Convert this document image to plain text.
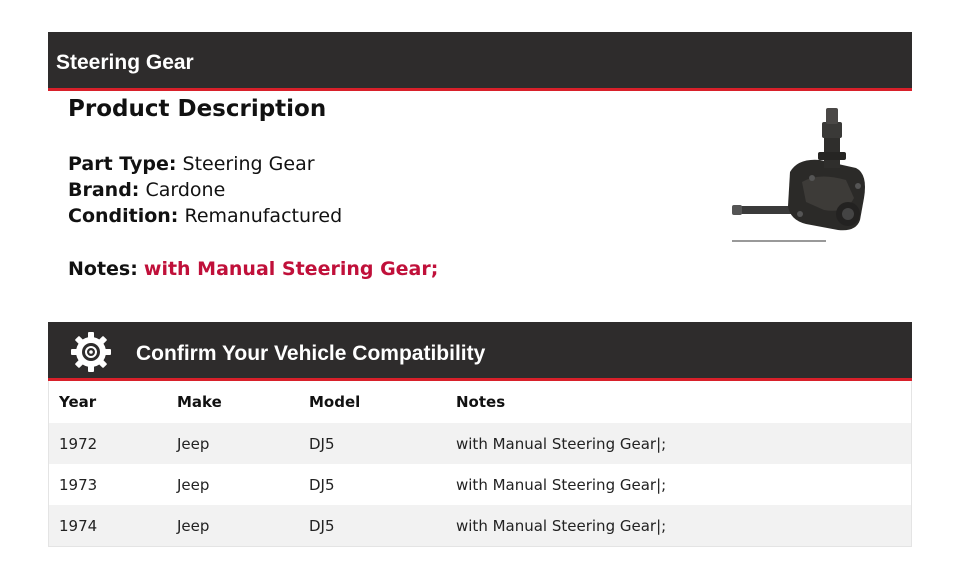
Steering Gear
Product Description
Part Type: Steering Gear
Brand: Cardone
Condition: Remanufactured
Notes: with Manual Steering Gear;
Confirm Your Vehicle Compatibility
Year	Make	Model	Notes
1972	Jeep	DJ5	with Manual Steering Gear|;
1973	Jeep	DJ5	with Manual Steering Gear|;
1974	Jeep	DJ5	with Manual Steering Gear|;
